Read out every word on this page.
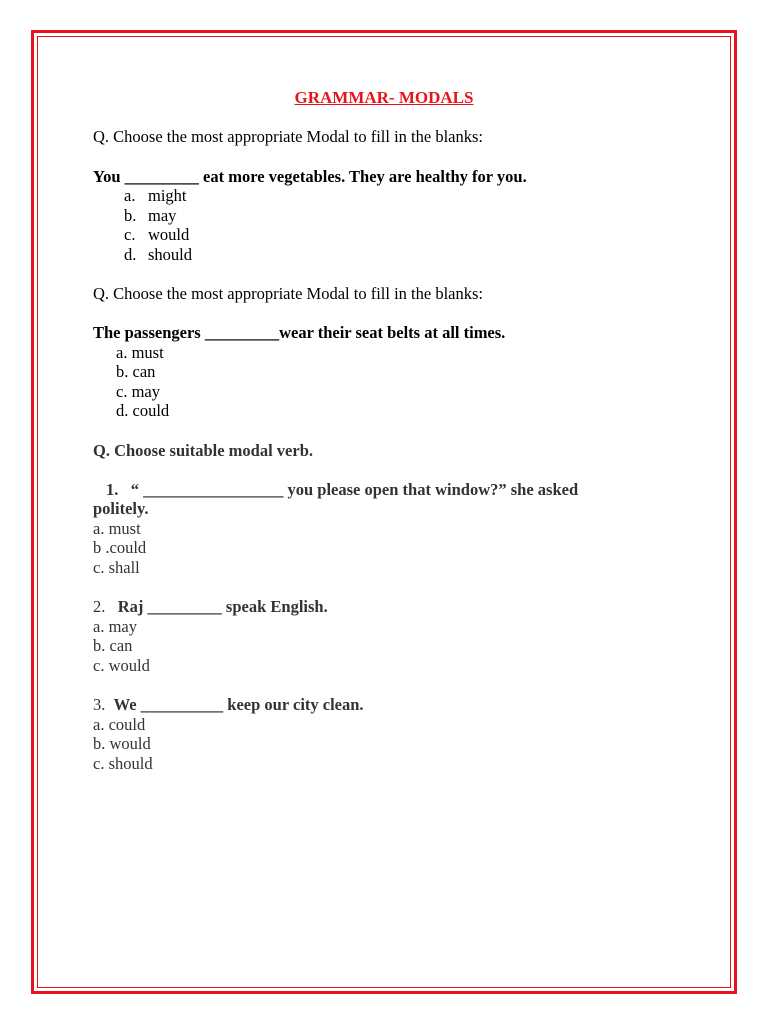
GRAMMAR- MODALS
Q. Choose the most appropriate Modal to fill in the blanks:
You _________ eat more vegetables. They are healthy for you.
a. might
b. may
c. would
d. should
Q. Choose the most appropriate Modal to fill in the blanks:
The passengers _________wear their seat belts at all times.
a. must
b. can
c. may
d. could
Q. Choose suitable modal verb.
1. “ _________________ you please open that window?” she asked
politely.
a. must
b .could
c. shall
2. Raj _________ speak English.
a. may
b. can
c. would
3. We __________ keep our city clean.
a. could
b. would
c. should
